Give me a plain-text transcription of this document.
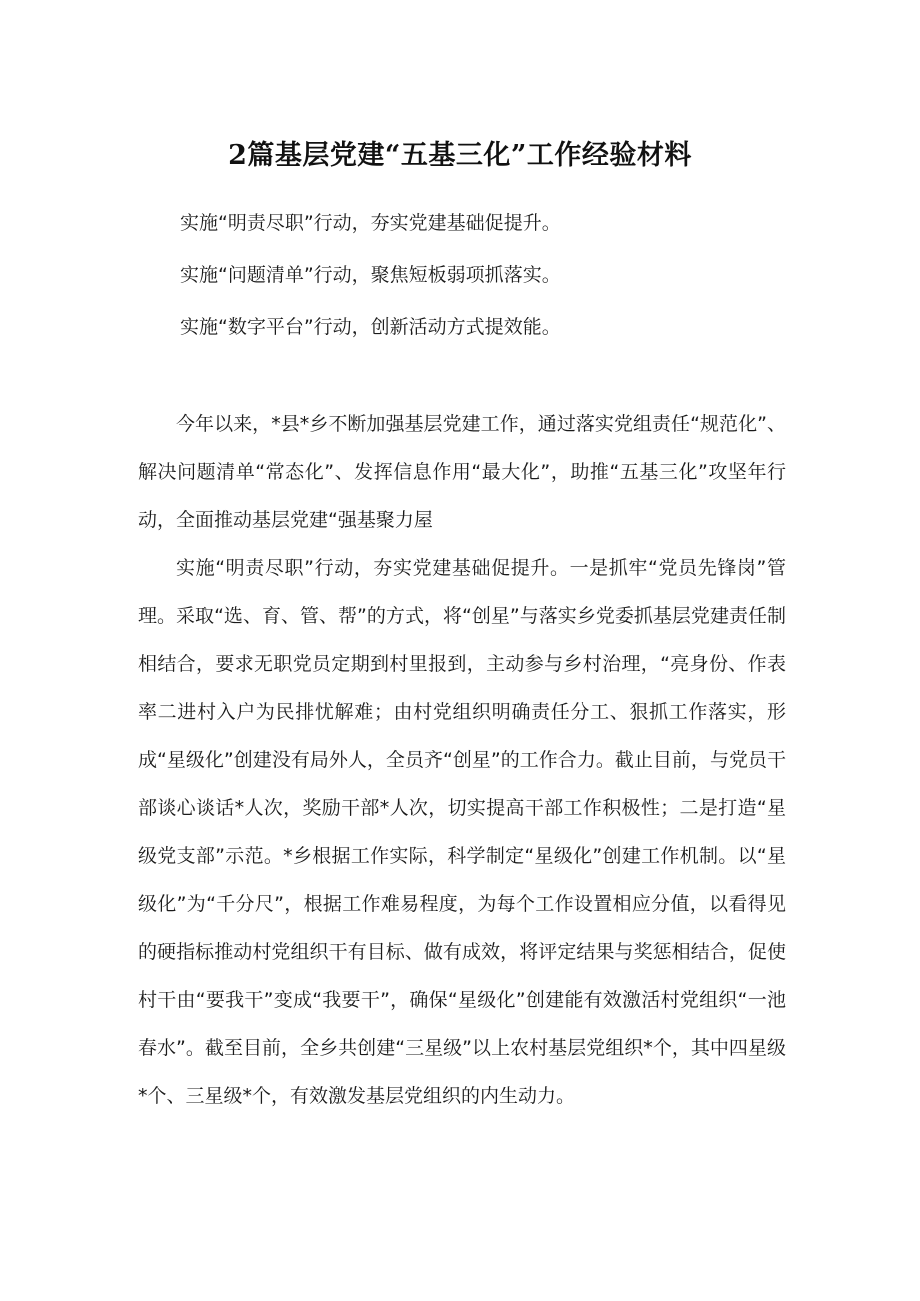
2篇基层党建“五基三化”工作经验材料

实施“明责尽职”行动，夯实党建基础促提升。

实施“问题清单”行动，聚焦短板弱项抓落实。

实施“数字平台”行动，创新活动方式提效能。

今年以来，*县*乡不断加强基层党建工作，通过落实党组责任“规范化”、解决问题清单“常态化”、发挥信息作用“最大化”，助推“五基三化”攻坚年行动，全面推动基层党建“强基聚力屋

实施“明责尽职”行动，夯实党建基础促提升。一是抓牢“党员先锋岗”管理。采取“选、育、管、帮”的方式，将“创星”与落实乡党委抓基层党建责任制相结合，要求无职党员定期到村里报到，主动参与乡村治理，“亮身份、作表率二进村入户为民排忧解难；由村党组织明确责任分工、狠抓工作落实，形成“星级化”创建没有局外人，全员齐“创星”的工作合力。截止目前，与党员干部谈心谈话*人次，奖励干部*人次，切实提高干部工作积极性；二是打造“星级党支部”示范。*乡根据工作实际，科学制定“星级化”创建工作机制。以“星级化”为“千分尺”，根据工作难易程度，为每个工作设置相应分值，以看得见的硬指标推动村党组织干有目标、做有成效，将评定结果与奖惩相结合，促使村干由“要我干”变成“我要干”，确保“星级化”创建能有效激活村党组织“一池春水”。截至目前，全乡共创建“三星级”以上农村基层党组织*个，其中四星级*个、三星级*个，有效激发基层党组织的内生动力。
